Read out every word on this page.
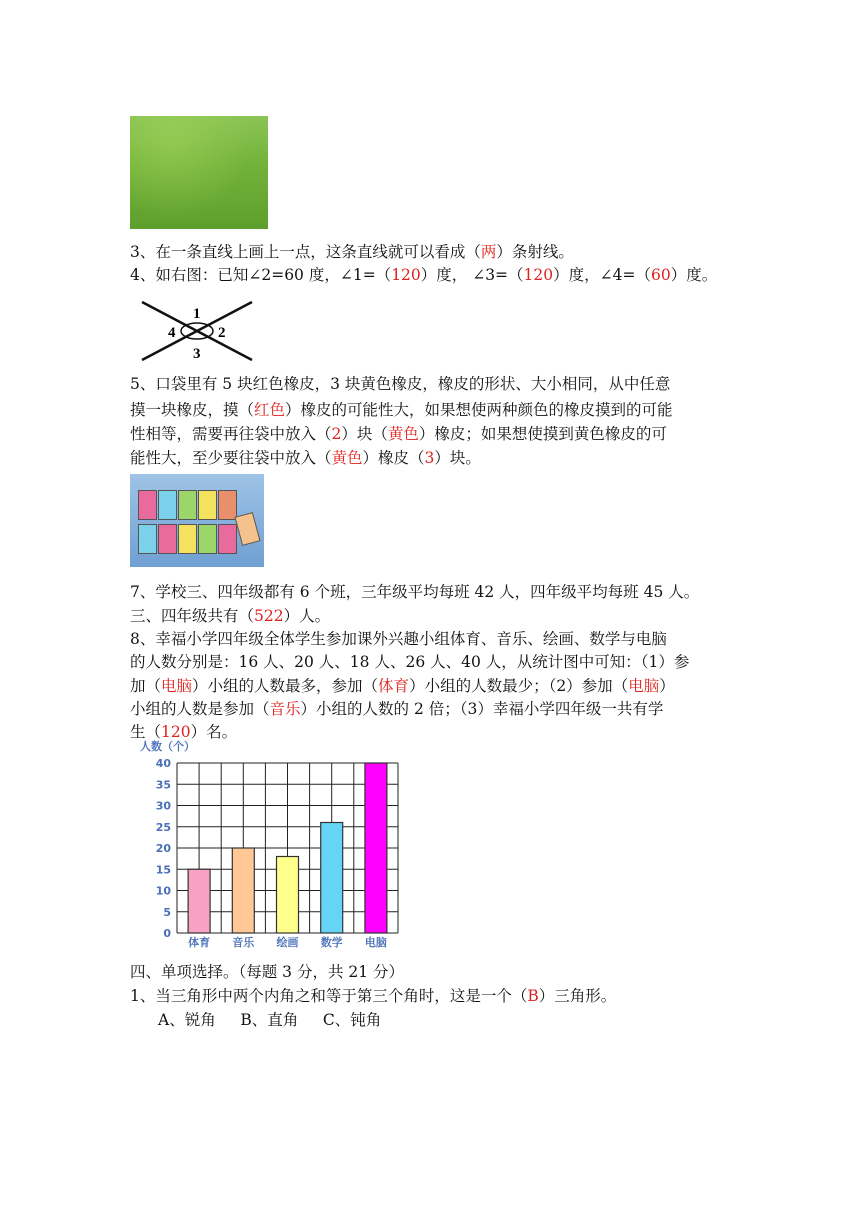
3、在一条直线上画上一点，这条直线就可以看成（两）条射线。
4、如右图：已知∠2=60 度，∠1=（120）度， ∠3=（120）度，∠4=（60）度。
1
2
3
4
5、口袋里有 5 块红色橡皮，3 块黄色橡皮，橡皮的形状、大小相同，从中任意
摸一块橡皮，摸（红色）橡皮的可能性大，如果想使两种颜色的橡皮摸到的可能
性相等，需要再往袋中放入（2）块（黄色）橡皮；如果想使摸到黄色橡皮的可
能性大，至少要往袋中放入（黄色）橡皮（3）块。
7、学校三、四年级都有 6 个班，三年级平均每班 42 人，四年级平均每班 45 人。
三、四年级共有（522）人。
8、幸福小学四年级全体学生参加课外兴趣小组体育、音乐、绘画、数学与电脑
的人数分别是：16 人、20 人、18 人、26 人、40 人，从统计图中可知：（1）参
加（电脑）小组的人数最多，参加（体育）小组的人数最少；（2）参加（电脑）
小组的人数是参加（音乐）小组的人数的 2 倍；（3）幸福小学四年级一共有学
生（120）名。
人数（个）
0
5
10
15
20
25
30
35
40
体育 音乐 绘画 数学 电脑
四、单项选择。（每题 3 分，共 21 分）
1、当三角形中两个内角之和等于第三个角时，这是一个（B）三角形。
A、锐角     B、直角     C、钝角
